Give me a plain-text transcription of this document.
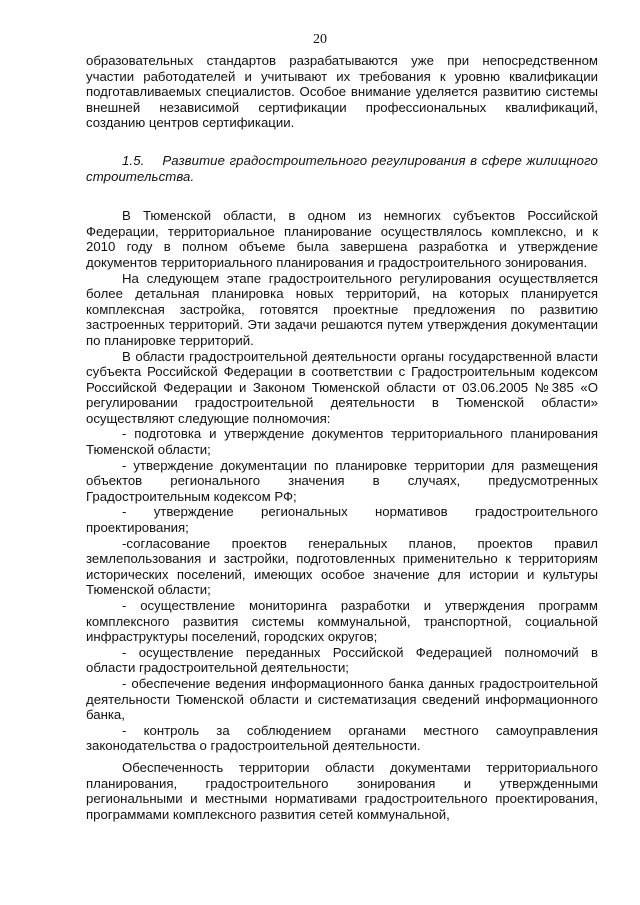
20

образовательных стандартов разрабатываются уже при непосредственном участии работодателей и учитывают их требования к уровню квалификации подготавливаемых специалистов. Особое внимание уделяется развитию системы внешней независимой сертификации профессиональных квалификаций, созданию центров сертификации.

1.5. Развитие градостроительного регулирования в сфере жилищного строительства.

В Тюменской области, в одном из немногих субъектов Российской Федерации, территориальное планирование осуществлялось комплексно, и к 2010 году в полном объеме была завершена разработка и утверждение документов территориального планирования и градостроительного зонирования.

На следующем этапе градостроительного регулирования осуществляется более детальная планировка новых территорий, на которых планируется комплексная застройка, готовятся проектные предложения по развитию застроенных территорий. Эти задачи решаются путем утверждения документации по планировке территорий.

В области градостроительной деятельности органы государственной власти субъекта Российской Федерации в соответствии с Градостроительным кодексом Российской Федерации и Законом Тюменской области от 03.06.2005 №385 «О регулировании градостроительной деятельности в Тюменской области» осуществляют следующие полномочия:

- подготовка и утверждение документов территориального планирования Тюменской области;

- утверждение документации по планировке территории для размещения объектов регионального значения в случаях, предусмотренных Градостроительным кодексом РФ;

- утверждение региональных нормативов градостроительного проектирования;

-согласование проектов генеральных планов, проектов правил землепользования и застройки, подготовленных применительно к территориям исторических поселений, имеющих особое значение для истории и культуры Тюменской области;

- осуществление мониторинга разработки и утверждения программ комплексного развития системы коммунальной, транспортной, социальной инфраструктуры поселений, городских округов;

- осуществление переданных Российской Федерацией полномочий в области градостроительной деятельности;

- обеспечение ведения информационного банка данных градостроительной деятельности Тюменской области и систематизация сведений информационного банка,

- контроль за соблюдением органами местного самоуправления законодательства о градостроительной деятельности.

Обеспеченность территории области документами территориального планирования, градостроительного зонирования и утвержденными региональными и местными нормативами градостроительного проектирования, программами комплексного развития сетей коммунальной,
